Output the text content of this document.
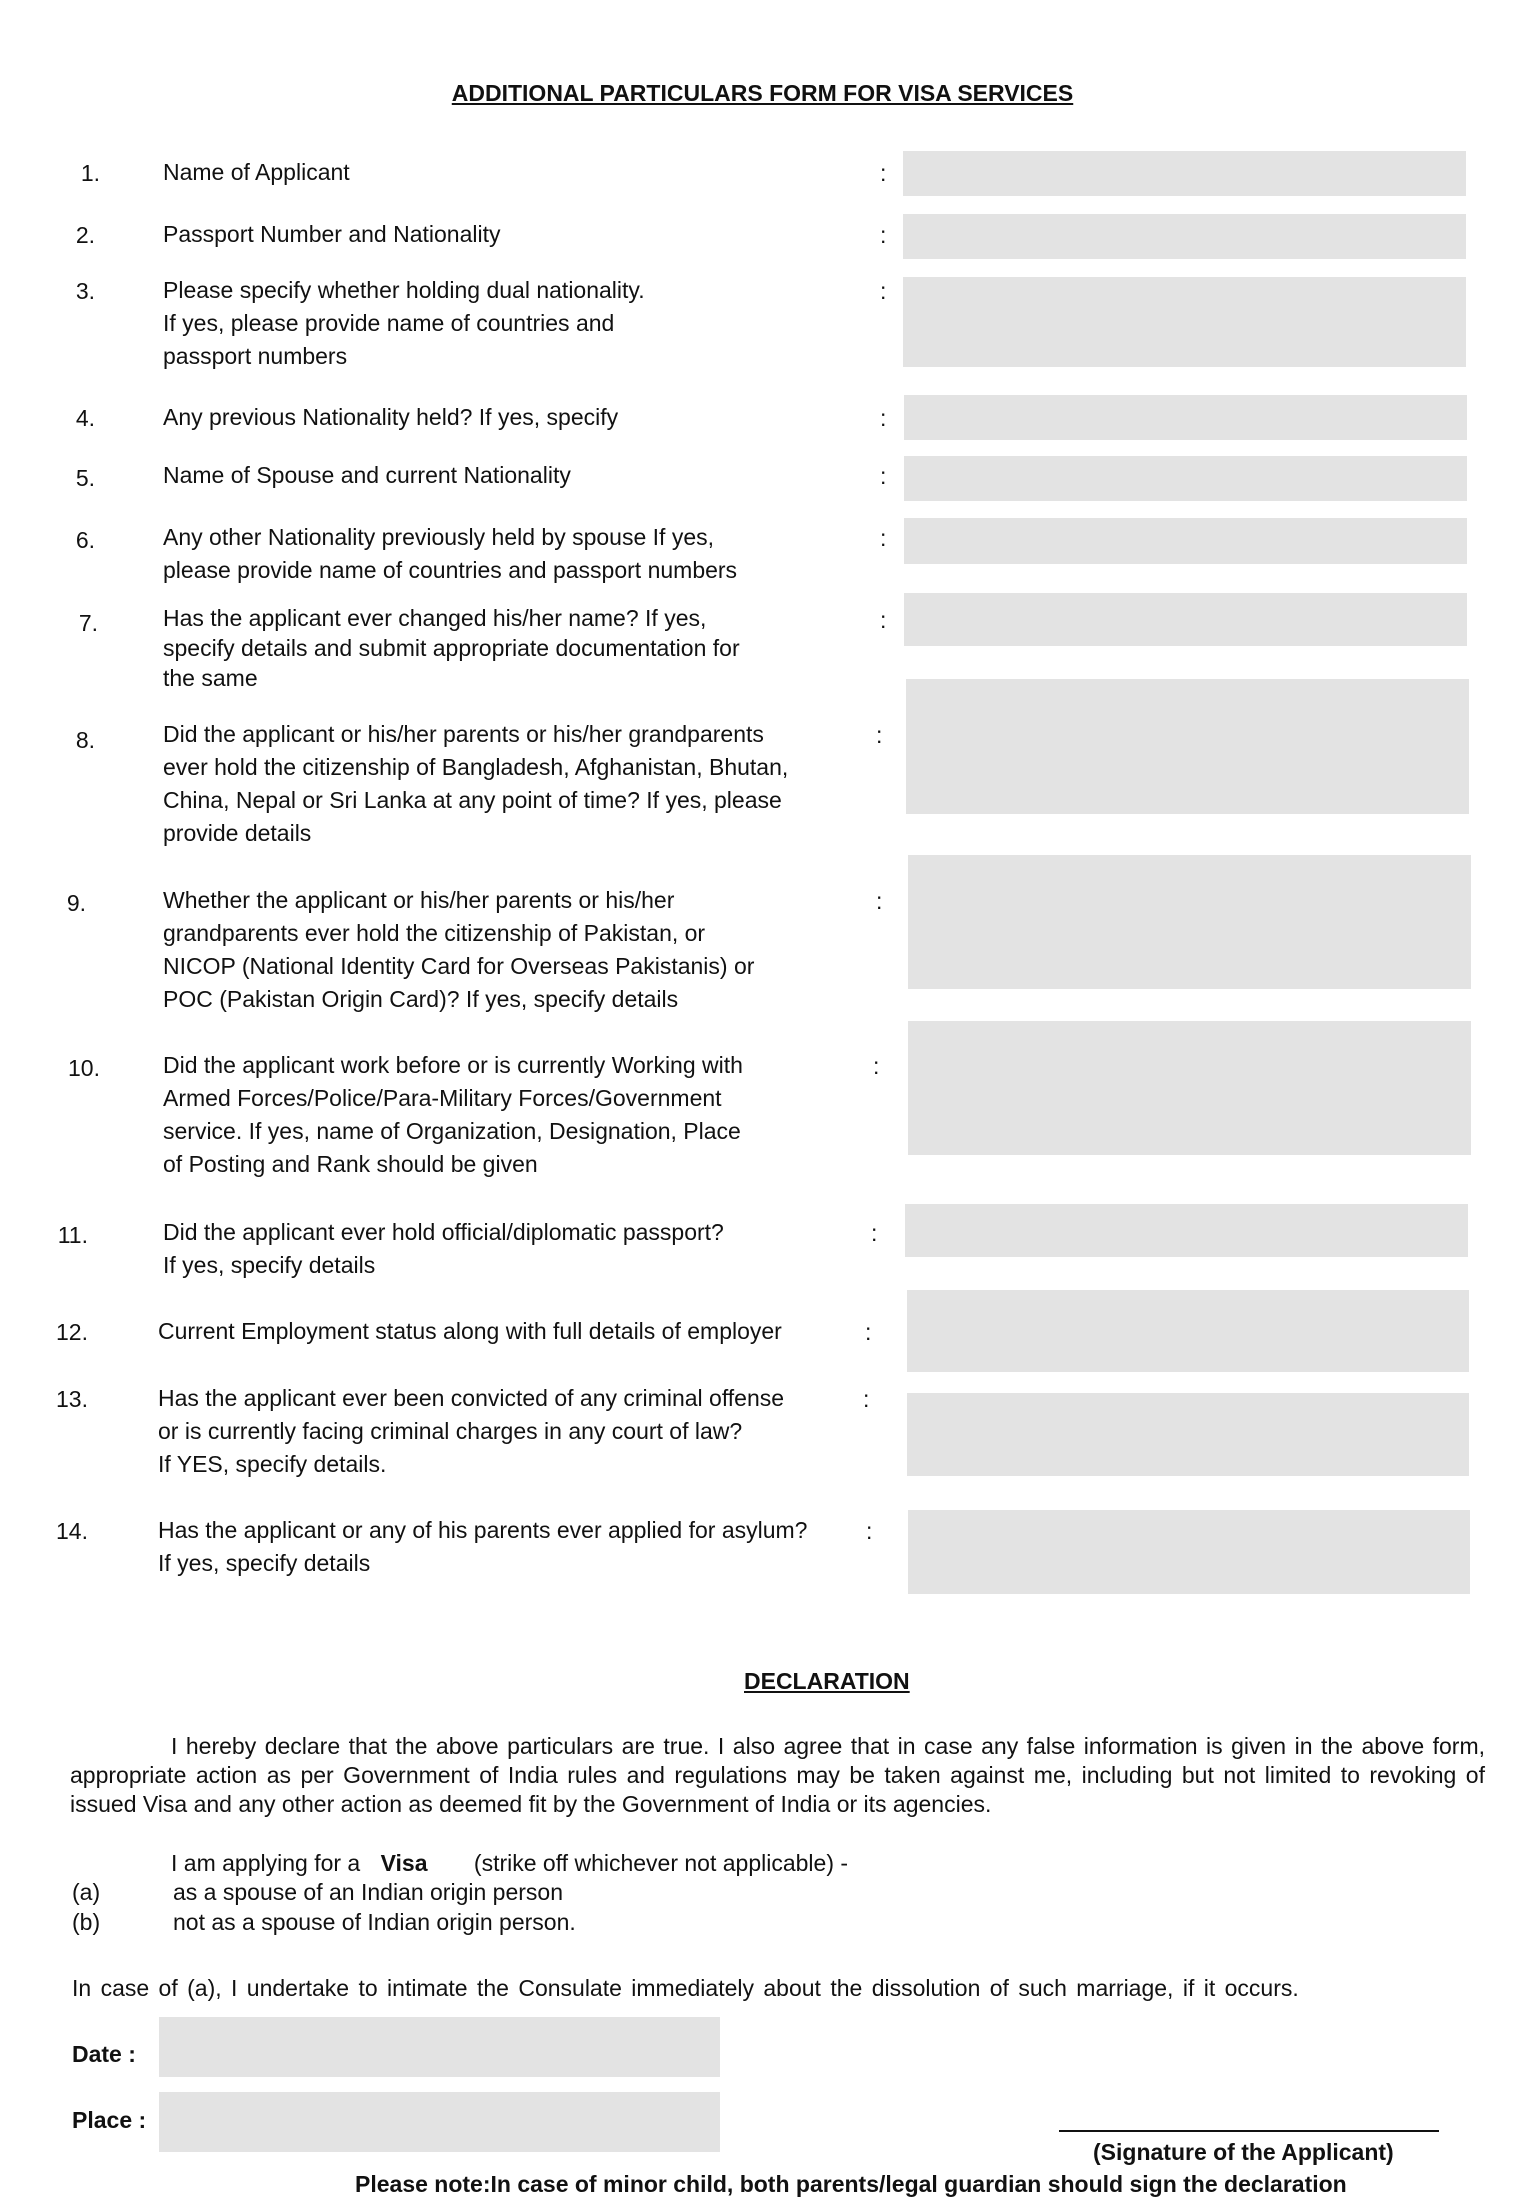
ADDITIONAL PARTICULARS FORM FOR VISA SERVICES
1.	Name of Applicant	:
2.	Passport Number and Nationality	:
3.	Please specify whether holding dual nationality.
If yes, please provide name of countries and
passport numbers
:
4.	Any previous Nationality held? If yes, specify	:
5.	Name of Spouse and current Nationality	:
6.	Any other Nationality previously held by spouse If yes,
please provide name of countries and passport numbers
:
7.	Has the applicant ever changed his/her name? If yes,
specify details and submit appropriate documentation for
the same
:
8.	Did the applicant or his/her parents or his/her grandparents
ever hold the citizenship of Bangladesh, Afghanistan, Bhutan,
China, Nepal or Sri Lanka at any point of time? If yes, please
provide details
:
9.	Whether the applicant or his/her parents or his/her
grandparents ever hold the citizenship of Pakistan, or
NICOP (National Identity Card for Overseas Pakistanis) or
POC (Pakistan Origin Card)? If yes, specify details
:
10.	Did the applicant work before or is currently Working with
Armed Forces/Police/Para-Military Forces/Government
service. If yes, name of Organization, Designation, Place
of Posting and Rank should be given
:
11.	Did the applicant ever hold official/diplomatic passport?
If yes, specify details
:
12.	Current Employment status along with full details of employer	:
13.	Has the applicant ever been convicted of any criminal offense
or is currently facing criminal charges in any court of law?
If YES, specify details.
:
14.	Has the applicant or any of his parents ever applied for asylum?
If yes, specify details
:
DECLARATION
I hereby declare that the above particulars are true. I also agree that in case any false information is given in the above form, appropriate action as per Government of India rules and regulations may be taken against me, including but not limited to revoking of issued Visa and any other action as deemed fit by the Government of India or its agencies.
I am applying for a Visa (strike off whichever not applicable) -
(a)	as a spouse of an Indian origin person
(b)	not as a spouse of Indian origin person.
In case of (a), I undertake to intimate the Consulate immediately about the dissolution of such marriage, if it occurs.
Date :
Place :
(Signature of the Applicant)
Please note:In case of minor child, both parents/legal guardian should sign the declaration
